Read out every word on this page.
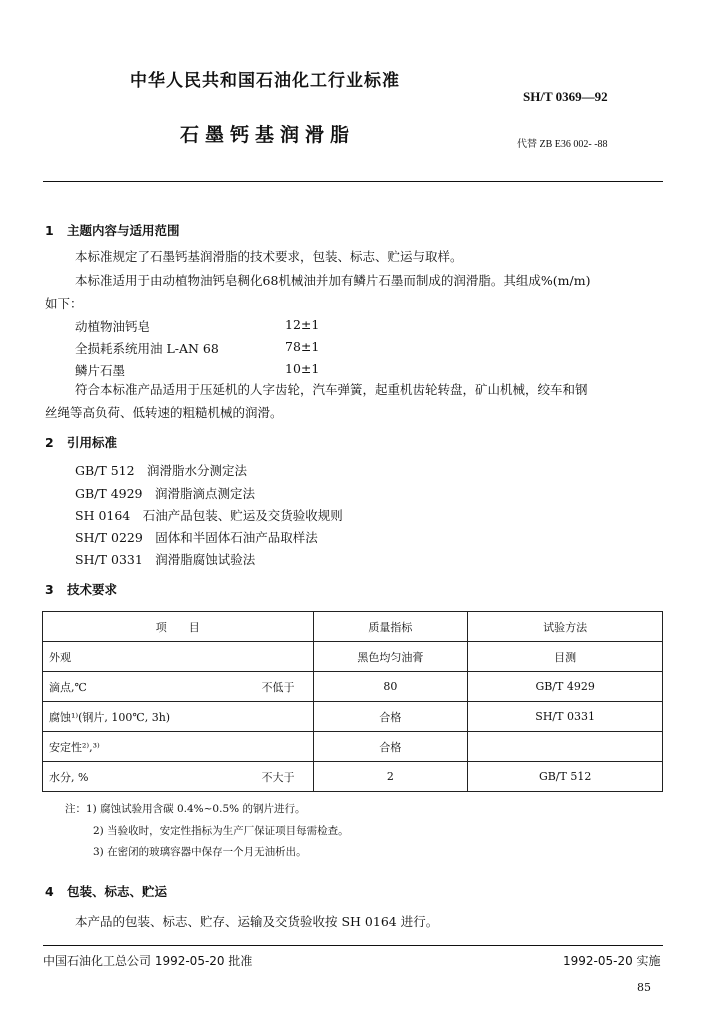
中华人民共和国石油化工行业标准
SH/T 0369—92
石墨钙基润滑脂	代替 ZB E36 002- -88
1 主题内容与适用范围
本标准规定了石墨钙基润滑脂的技术要求，包装、标志、贮运与取样。
本标准适用于由动植物油钙皂稠化68机械油并加有鳞片石墨而制成的润滑脂。其组成%(m/m)
如下：
动植物油钙皂	12±1
全损耗系统用油 L-AN 68	78±1
鳞片石墨	10±1
符合本标准产品适用于压延机的人字齿轮，汽车弹簧，起重机齿轮转盘，矿山机械，绞车和钢
丝绳等高负荷、低转速的粗糙机械的润滑。
2 引用标准
GB/T 512　润滑脂水分测定法
GB/T 4929　润滑脂滴点测定法
SH 0164　石油产品包装、贮运及交货验收规则
SH/T 0229　固体和半固体石油产品取样法
SH/T 0331　润滑脂腐蚀试验法
3 技术要求
项　　目	质量指标	试验方法
外观	黑色均匀油膏	目测
滴点,℃ 不低于	80	GB/T 4929
腐蚀¹⁾(钢片, 100℃, 3h)	合格	SH/T 0331
安定性²⁾,³⁾	合格	
水分, % 不大于	2	GB/T 512
注：1) 腐蚀试验用含碳 0.4%~0.5% 的钢片进行。
2) 当验收时，安定性指标为生产厂保证项目每需检查。
3) 在密闭的玻璃容器中保存一个月无油析出。
4 包装、标志、贮运
本产品的包装、标志、贮存、运输及交货验收按 SH 0164 进行。
中国石油化工总公司 1992-05-20 批准	1992-05-20 实施
85
